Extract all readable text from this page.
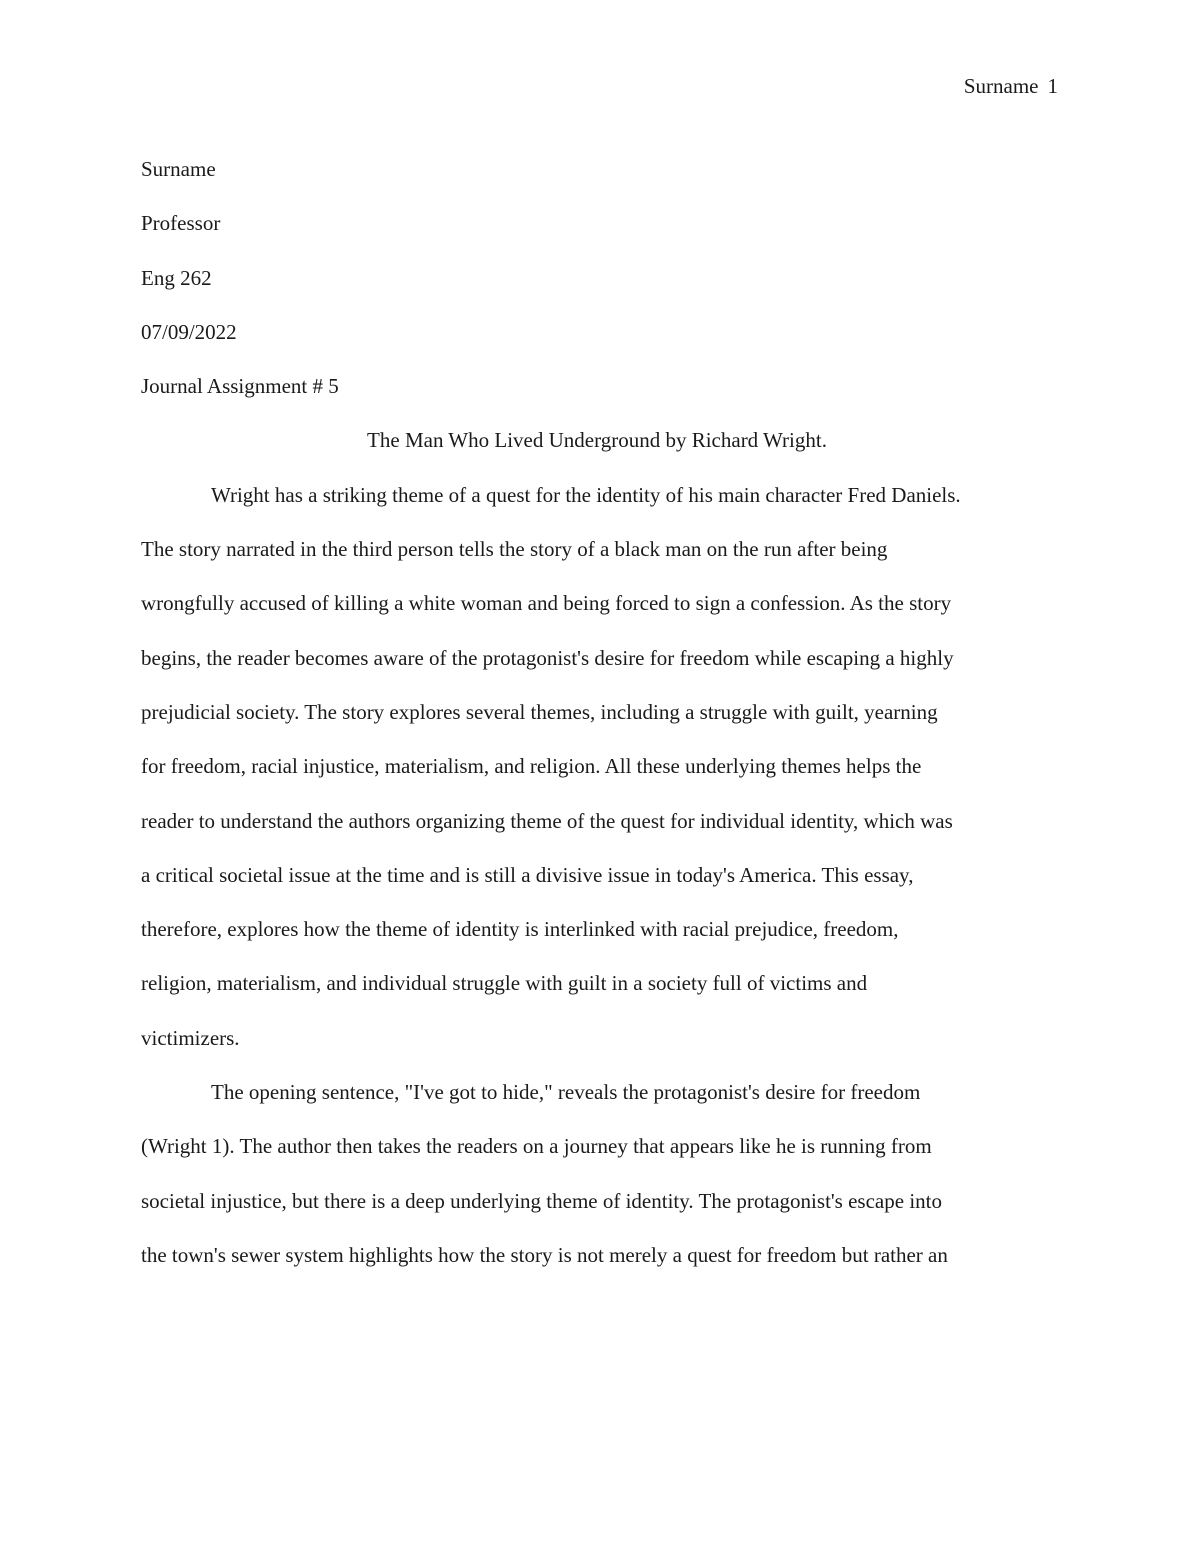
Surname 1
Surname
Professor
Eng 262
07/09/2022
Journal Assignment # 5
The Man Who Lived Underground by Richard Wright.
Wright has a striking theme of a quest for the identity of his main character Fred Daniels.
The story narrated in the third person tells the story of a black man on the run after being
wrongfully accused of killing a white woman and being forced to sign a confession. As the story
begins, the reader becomes aware of the protagonist's desire for freedom while escaping a highly
prejudicial society. The story explores several themes, including a struggle with guilt, yearning
for freedom, racial injustice, materialism, and religion. All these underlying themes helps the
reader to understand the authors organizing theme of the quest for individual identity, which was
a critical societal issue at the time and is still a divisive issue in today's America. This essay,
therefore, explores how the theme of identity is interlinked with racial prejudice, freedom,
religion, materialism, and individual struggle with guilt in a society full of victims and
victimizers.
The opening sentence, "I've got to hide," reveals the protagonist's desire for freedom
(Wright 1). The author then takes the readers on a journey that appears like he is running from
societal injustice, but there is a deep underlying theme of identity. The protagonist's escape into
the town's sewer system highlights how the story is not merely a quest for freedom but rather an
